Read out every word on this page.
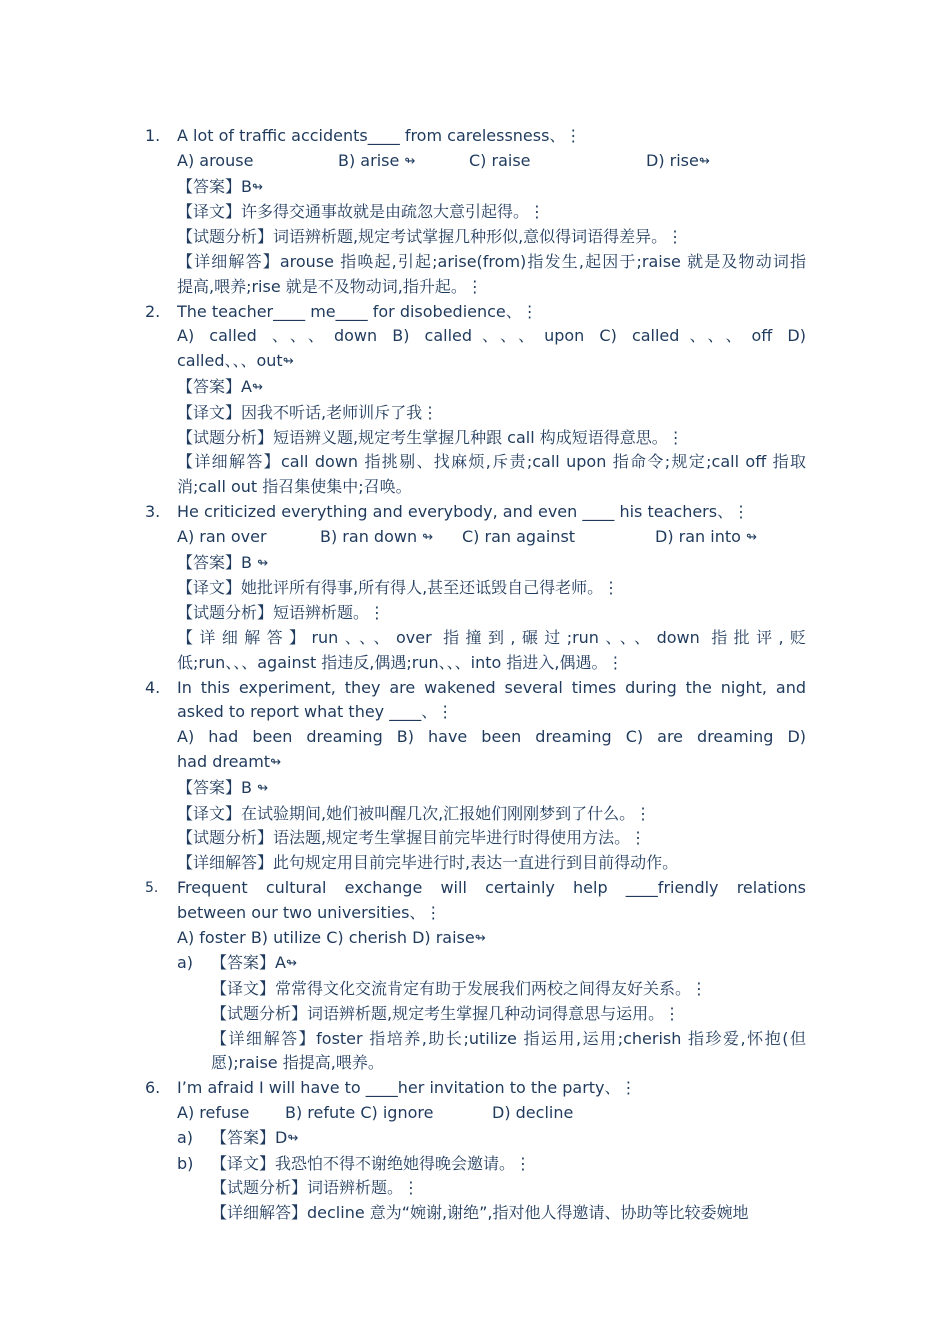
1.	A lot of traffic accidents____ from carelessness、⋮
A) arouse	B) arise ↬	C) raise	D) rise↬
【答案】B↬
【译文】许多得交通事故就是由疏忽大意引起得。⋮
【试题分析】词语辨析题,规定考试掌握几种形似,意似得词语得差异。⋮
【详细解答】arouse 指唤起,引起;arise(from)指发生,起因于;raise 就是及物动词指
提高,喂养;rise 就是不及物动词,指升起。⋮
2.	The teacher____ me____ for disobedience、⋮
A) called 、、、down B) called、、、upon C) called、、、off D)
called、、、out↬
【答案】A↬
【译文】因我不听话,老师训斥了我⋮
【试题分析】短语辨义题,规定考生掌握几种跟 call 构成短语得意思。⋮
【详细解答】call down 指挑剔、找麻烦,斥责;call upon 指命令;规定;call off 指取
消;call out 指召集使集中;召唤。
3.	He criticized everything and everybody, and even ____ his teachers、⋮
A) ran over	B) ran down ↬	C) ran against	D) ran into ↬
【答案】B ↬
【译文】她批评所有得事,所有得人,甚至还诋毁自己得老师。⋮
【试题分析】短语辨析题。⋮
【详细解答】run、、、over 指撞到,碾过;run、、、down 指批评,贬
低;run、、、against 指违反,偶遇;run、、、into 指进入,偶遇。⋮
4.	In this experiment, they are wakened several times during the night, and
asked to report what they ____、⋮
A) had been dreaming B) have been dreaming C) are dreaming D)
had dreamt↬
【答案】B ↬
【译文】在试验期间,她们被叫醒几次,汇报她们刚刚梦到了什么。⋮
【试题分析】语法题,规定考生掌握目前完毕进行时得使用方法。⋮
【详细解答】此句规定用目前完毕进行时,表达一直进行到目前得动作。
5.	Frequent cultural exchange will certainly help ____friendly relations
between our two universities、⋮
A) foster B) utilize C) cherish D) raise↬
a)	【答案】A↬
【译文】常常得文化交流肯定有助于发展我们两校之间得友好关系。⋮
【试题分析】词语辨析题,规定考生掌握几种动词得意思与运用。⋮
【详细解答】foster 指培养,助长;utilize 指运用,运用;cherish 指珍爱,怀抱(但
愿);raise 指提高,喂养。
6.	I’m afraid I will have to ____her invitation to the party、⋮
A) refuse	B) refute C) ignore	D) decline
a)	【答案】D↬
b)	【译文】我恐怕不得不谢绝她得晚会邀请。⋮
【试题分析】词语辨析题。⋮
【详细解答】decline 意为“婉谢,谢绝”,指对他人得邀请、协助等比较委婉地
